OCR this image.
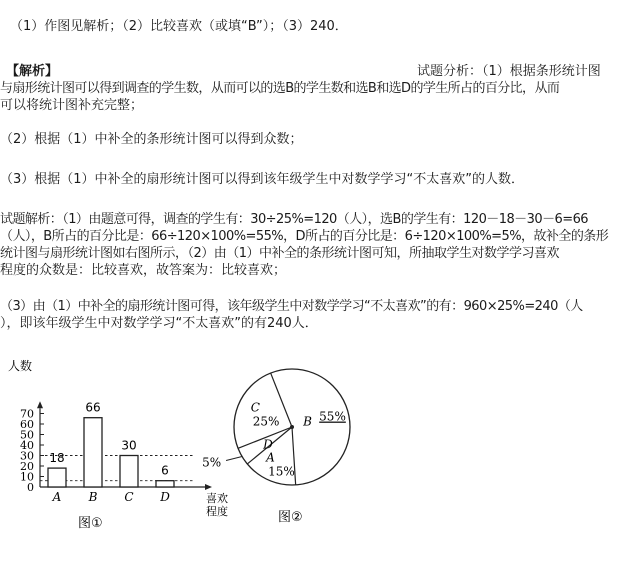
（1）作图见解析；（2）比较喜欢（或填“B”）；（3）240．
【解析】	试题分析：（1）根据条形统计图
与扇形统计图可以得到调查的学生数，从而可以的选B的学生数和选B和选D的学生所占的百分比，从而
可以将统计图补充完整；
（2）根据（1）中补全的条形统计图可以得到众数；
（3）根据（1）中补全的扇形统计图可以得到该年级学生中对数学学习“不太喜欢”的人数．
试题解析：（1）由题意可得，调查的学生有：30÷25%=120（人），选B的学生有：120－18－30－6=66
（人），B所占的百分比是：66÷120×100%=55%，D所占的百分比是：6÷120×100%=5%，故补全的条形
统计图与扇形统计图如右图所示，（2）由（1）中补全的条形统计图可知，所抽取学生对数学学习喜欢
程度的众数是：比较喜欢，故答案为：比较喜欢；
（3）由（1）中补全的扇形统计图可得，该年级学生中对数学学习“不太喜欢”的有：960×25%=240（人
），即该年级学生中对数学学习“不太喜欢”的有240人．
人数
喜欢
程度
图①
0
10
20
30
40
50
60
70
18
A
66
B
30
C
6
D
B 55%
A
15%
D
5%
C
25%
图②
